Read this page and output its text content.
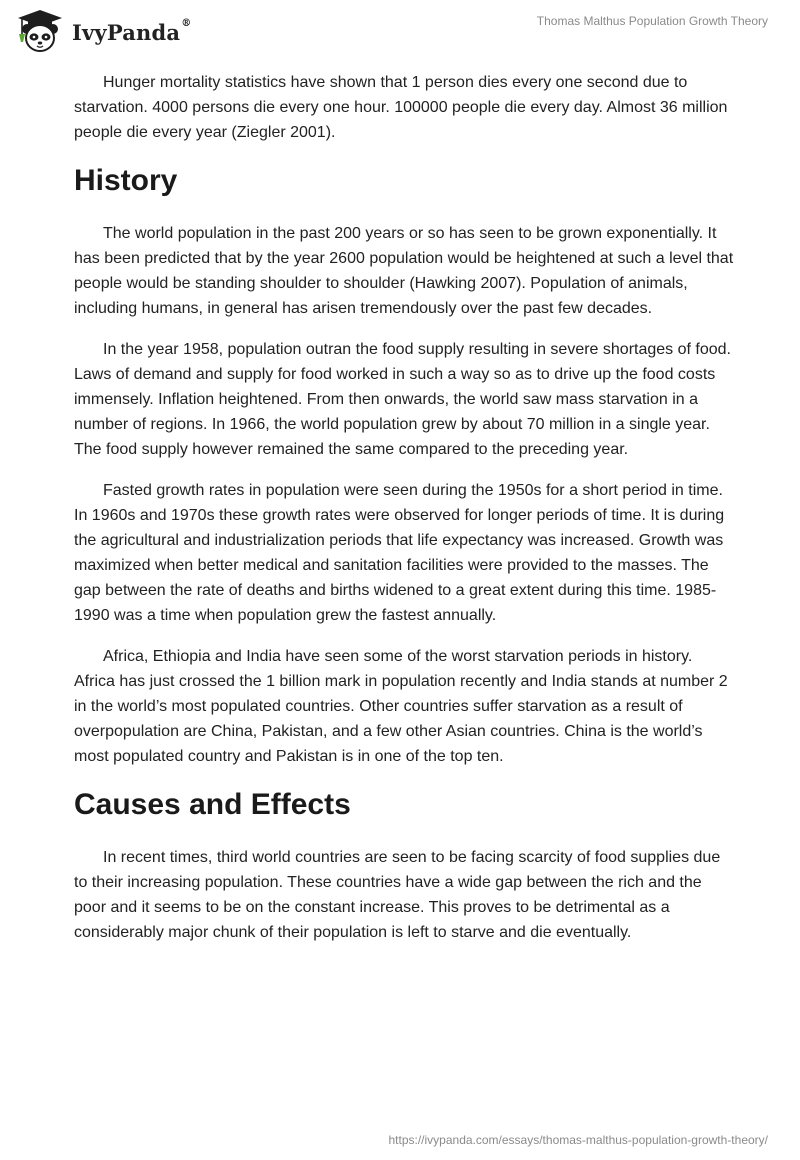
IvyPanda®	Thomas Malthus Population Growth Theory

Hunger mortality statistics have shown that 1 person dies every one second due to starvation. 4000 persons die every one hour. 100000 people die every day. Almost 36 million people die every year (Ziegler 2001).

History

The world population in the past 200 years or so has seen to be grown exponentially. It has been predicted that by the year 2600 population would be heightened at such a level that people would be standing shoulder to shoulder (Hawking 2007). Population of animals, including humans, in general has arisen tremendously over the past few decades.

In the year 1958, population outran the food supply resulting in severe shortages of food. Laws of demand and supply for food worked in such a way so as to drive up the food costs immensely. Inflation heightened. From then onwards, the world saw mass starvation in a number of regions. In 1966, the world population grew by about 70 million in a single year. The food supply however remained the same compared to the preceding year.

Fasted growth rates in population were seen during the 1950s for a short period in time. In 1960s and 1970s these growth rates were observed for longer periods of time. It is during the agricultural and industrialization periods that life expectancy was increased. Growth was maximized when better medical and sanitation facilities were provided to the masses. The gap between the rate of deaths and births widened to a great extent during this time. 1985-1990 was a time when population grew the fastest annually.

Africa, Ethiopia and India have seen some of the worst starvation periods in history. Africa has just crossed the 1 billion mark in population recently and India stands at number 2 in the world’s most populated countries. Other countries suffer starvation as a result of overpopulation are China, Pakistan, and a few other Asian countries. China is the world’s most populated country and Pakistan is in one of the top ten.

Causes and Effects

In recent times, third world countries are seen to be facing scarcity of food supplies due to their increasing population. These countries have a wide gap between the rich and the poor and it seems to be on the constant increase. This proves to be detrimental as a considerably major chunk of their population is left to starve and die eventually.

https://ivypanda.com/essays/thomas-malthus-population-growth-theory/
